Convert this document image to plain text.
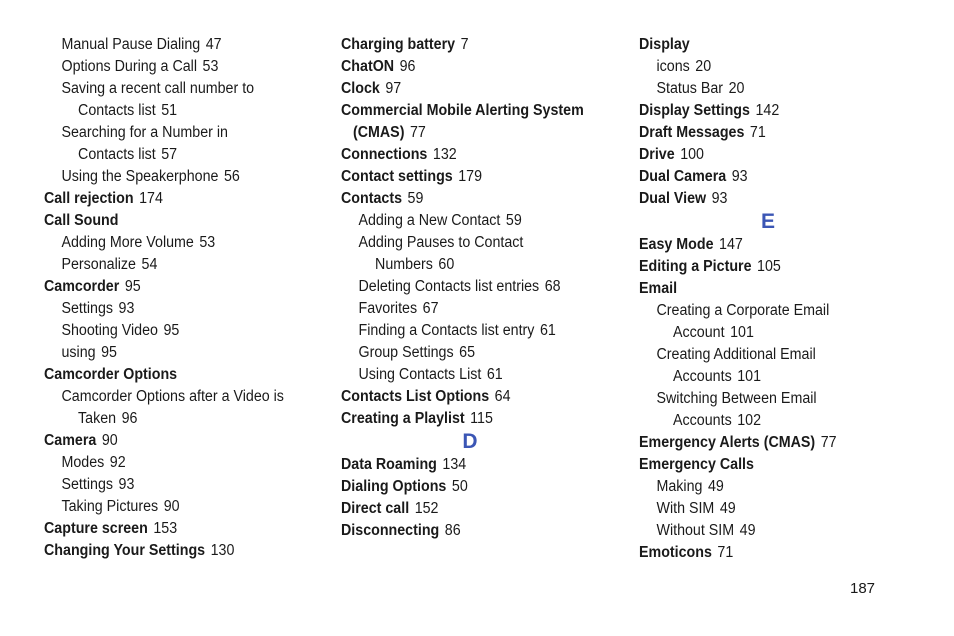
Manual Pause Dialing 47
Options During a Call 53
Saving a recent call number to
Contacts list 51
Searching for a Number in
Contacts list 57
Using the Speakerphone 56
Call rejection 174
Call Sound
Adding More Volume 53
Personalize 54
Camcorder 95
Settings 93
Shooting Video 95
using 95
Camcorder Options
Camcorder Options after a Video is
Taken 96
Camera 90
Modes 92
Settings 93
Taking Pictures 90
Capture screen 153
Changing Your Settings 130
Charging battery 7
ChatON 96
Clock 97
Commercial Mobile Alerting System
(CMAS) 77
Connections 132
Contact settings 179
Contacts 59
Adding a New Contact 59
Adding Pauses to Contact
Numbers 60
Deleting Contacts list entries 68
Favorites 67
Finding a Contacts list entry 61
Group Settings 65
Using Contacts List 61
Contacts List Options 64
Creating a Playlist 115
D
Data Roaming 134
Dialing Options 50
Direct call 152
Disconnecting 86
Display
icons 20
Status Bar 20
Display Settings 142
Draft Messages 71
Drive 100
Dual Camera 93
Dual View 93
E
Easy Mode 147
Editing a Picture 105
Email
Creating a Corporate Email
Account 101
Creating Additional Email
Accounts 101
Switching Between Email
Accounts 102
Emergency Alerts (CMAS) 77
Emergency Calls
Making 49
With SIM 49
Without SIM 49
Emoticons 71
187
